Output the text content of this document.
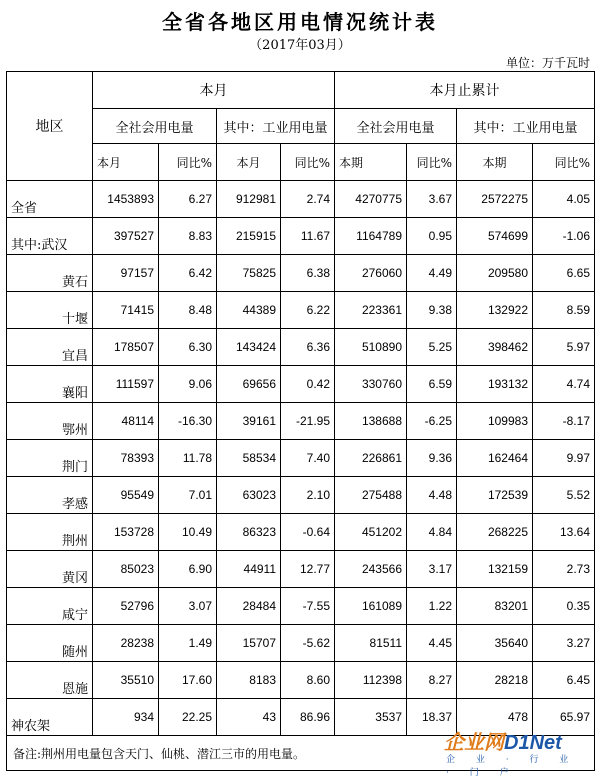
全省各地区用电情况统计表
（2017年03月）
单位：万千瓦时
地区	本月				本月止累计			
	全社会用电量		其中：工业用电量		全社会用电量		其中：工业用电量	
	本月	同比%	本月	同比%	本期	同比%	本期	同比%
全省	1453893	6.27	912981	2.74	4270775	3.67	2572275	4.05
其中:武汉	397527	8.83	215915	11.67	1164789	0.95	574699	-1.06
黄石	97157	6.42	75825	6.38	276060	4.49	209580	6.65
十堰	71415	8.48	44389	6.22	223361	9.38	132922	8.59
宜昌	178507	6.30	143424	6.36	510890	5.25	398462	5.97
襄阳	111597	9.06	69656	0.42	330760	6.59	193132	4.74
鄂州	48114	-16.30	39161	-21.95	138688	-6.25	109983	-8.17
荆门	78393	11.78	58534	7.40	226861	9.36	162464	9.97
孝感	95549	7.01	63023	2.10	275488	4.48	172539	5.52
荆州	153728	10.49	86323	-0.64	451202	4.84	268225	13.64
黄冈	85023	6.90	44911	12.77	243566	3.17	132159	2.73
咸宁	52796	3.07	28484	-7.55	161089	1.22	83201	0.35
随州	28238	1.49	15707	-5.62	81511	4.45	35640	3.27
恩施	35510	17.60	8183	8.60	112398	8.27	28218	6.45
神农架	934	22.25	43	86.96	3537	18.37	478	65.97
备注:荆州用电量包含天门、仙桃、潜江三市的用电量。									企业网D1Net
企 业 · 行 业 · 门 户
